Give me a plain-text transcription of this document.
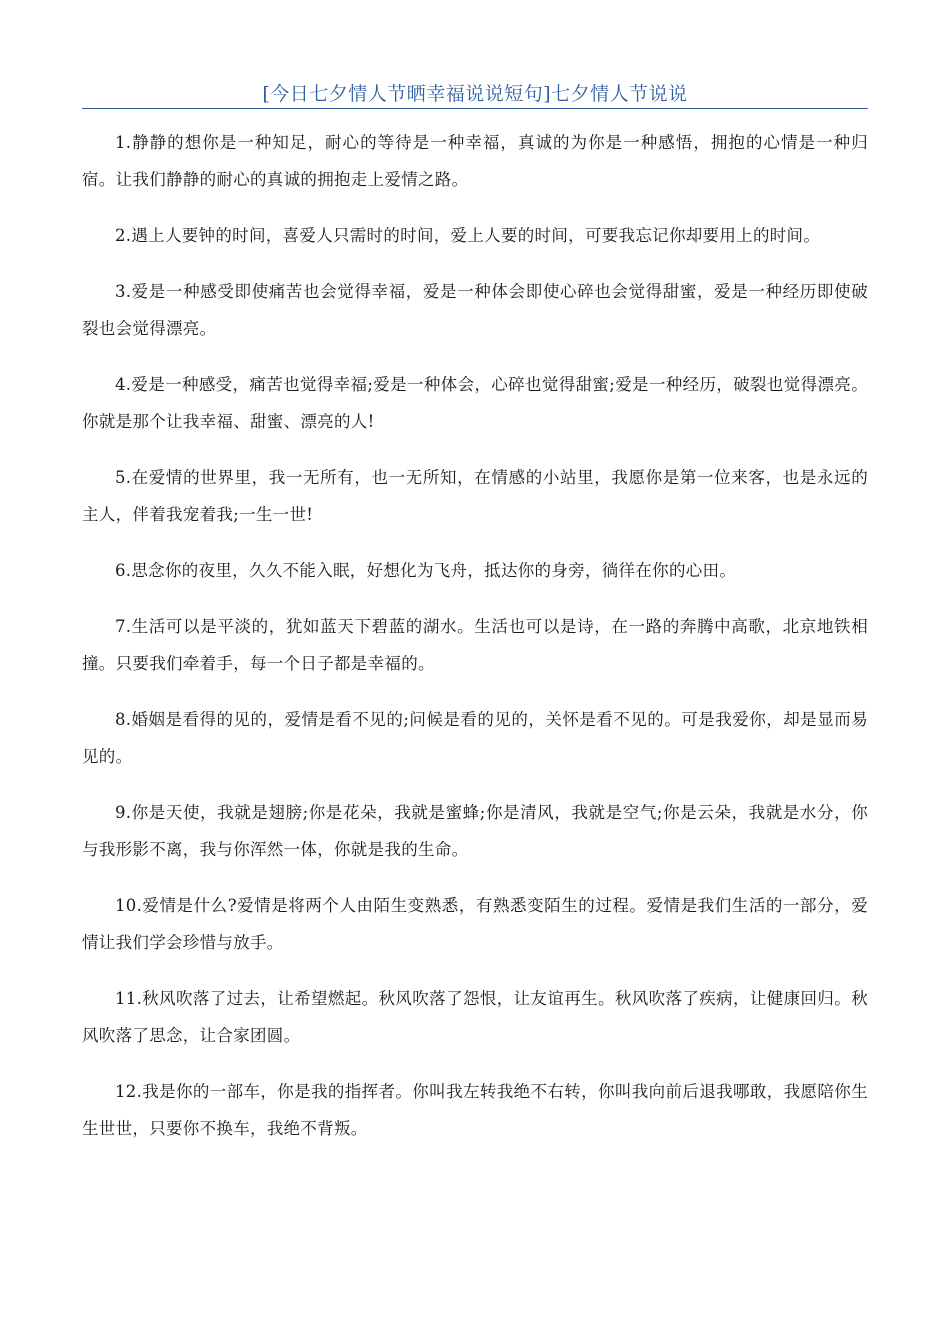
[今日七夕情人节晒幸福说说短句]七夕情人节说说

1.静静的想你是一种知足，耐心的等待是一种幸福，真诚的为你是一种感悟，拥抱的心情是一种归宿。让我们静静的耐心的真诚的拥抱走上爱情之路。

2.遇上人要钟的时间，喜爱人只需时的时间，爱上人要的时间，可要我忘记你却要用上的时间。

3.爱是一种感受即使痛苦也会觉得幸福，爱是一种体会即使心碎也会觉得甜蜜，爱是一种经历即使破裂也会觉得漂亮。

4.爱是一种感受，痛苦也觉得幸福;爱是一种体会，心碎也觉得甜蜜;爱是一种经历，破裂也觉得漂亮。你就是那个让我幸福、甜蜜、漂亮的人!

5.在爱情的世界里，我一无所有，也一无所知，在情感的小站里，我愿你是第一位来客，也是永远的主人，伴着我宠着我;一生一世!

6.思念你的夜里，久久不能入眠，好想化为飞舟，抵达你的身旁，徜徉在你的心田。

7.生活可以是平淡的，犹如蓝天下碧蓝的湖水。生活也可以是诗，在一路的奔腾中高歌，北京地铁相撞。只要我们牵着手，每一个日子都是幸福的。

8.婚姻是看得的见的，爱情是看不见的;问候是看的见的，关怀是看不见的。可是我爱你，却是显而易见的。

9.你是天使，我就是翅膀;你是花朵，我就是蜜蜂;你是清风，我就是空气;你是云朵，我就是水分，你与我形影不离，我与你浑然一体，你就是我的生命。

10.爱情是什么?爱情是将两个人由陌生变熟悉，有熟悉变陌生的过程。爱情是我们生活的一部分，爱情让我们学会珍惜与放手。

11.秋风吹落了过去，让希望燃起。秋风吹落了怨恨，让友谊再生。秋风吹落了疾病，让健康回归。秋风吹落了思念，让合家团圆。

12.我是你的一部车，你是我的指挥者。你叫我左转我绝不右转，你叫我向前后退我哪敢，我愿陪你生生世世，只要你不换车，我绝不背叛。
